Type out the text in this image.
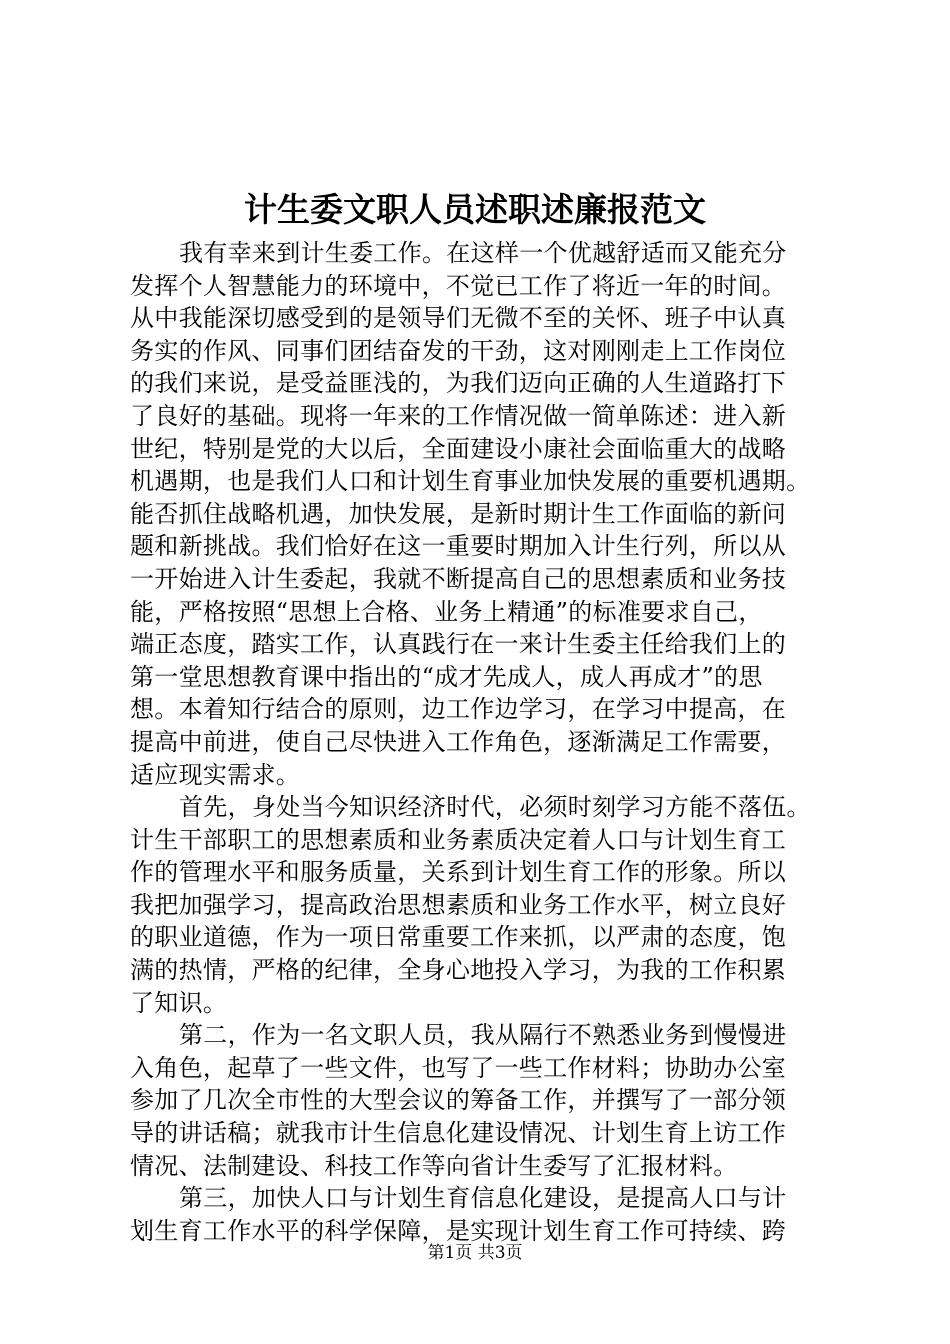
计生委文职人员述职述廉报范文
我有幸来到计生委工作。在这样一个优越舒适而又能充分
发挥个人智慧能力的环境中，不觉已工作了将近一年的时间。
从中我能深切感受到的是领导们无微不至的关怀、班子中认真
务实的作风、同事们团结奋发的干劲，这对刚刚走上工作岗位
的我们来说，是受益匪浅的，为我们迈向正确的人生道路打下
了良好的基础。现将一年来的工作情况做一简单陈述：进入新
世纪，特别是党的大以后，全面建设小康社会面临重大的战略
机遇期，也是我们人口和计划生育事业加快发展的重要机遇期。
能否抓住战略机遇，加快发展，是新时期计生工作面临的新问
题和新挑战。我们恰好在这一重要时期加入计生行列，所以从
一开始进入计生委起，我就不断提高自己的思想素质和业务技
能，严格按照“思想上合格、业务上精通”的标准要求自己，
端正态度，踏实工作，认真践行在一来计生委主任给我们上的
第一堂思想教育课中指出的“成才先成人，成人再成才”的思
想。本着知行结合的原则，边工作边学习，在学习中提高，在
提高中前进，使自己尽快进入工作角色，逐渐满足工作需要，
适应现实需求。
首先，身处当今知识经济时代，必须时刻学习方能不落伍。
计生干部职工的思想素质和业务素质决定着人口与计划生育工
作的管理水平和服务质量，关系到计划生育工作的形象。所以
我把加强学习，提高政治思想素质和业务工作水平，树立良好
的职业道德，作为一项日常重要工作来抓，以严肃的态度，饱
满的热情，严格的纪律，全身心地投入学习，为我的工作积累
了知识。
第二，作为一名文职人员，我从隔行不熟悉业务到慢慢进
入角色，起草了一些文件，也写了一些工作材料；协助办公室
参加了几次全市性的大型会议的筹备工作，并撰写了一部分领
导的讲话稿；就我市计生信息化建设情况、计划生育上访工作
情况、法制建设、科技工作等向省计生委写了汇报材料。
第三，加快人口与计划生育信息化建设，是提高人口与计
划生育工作水平的科学保障，是实现计划生育工作可持续、跨
第1页 共3页
